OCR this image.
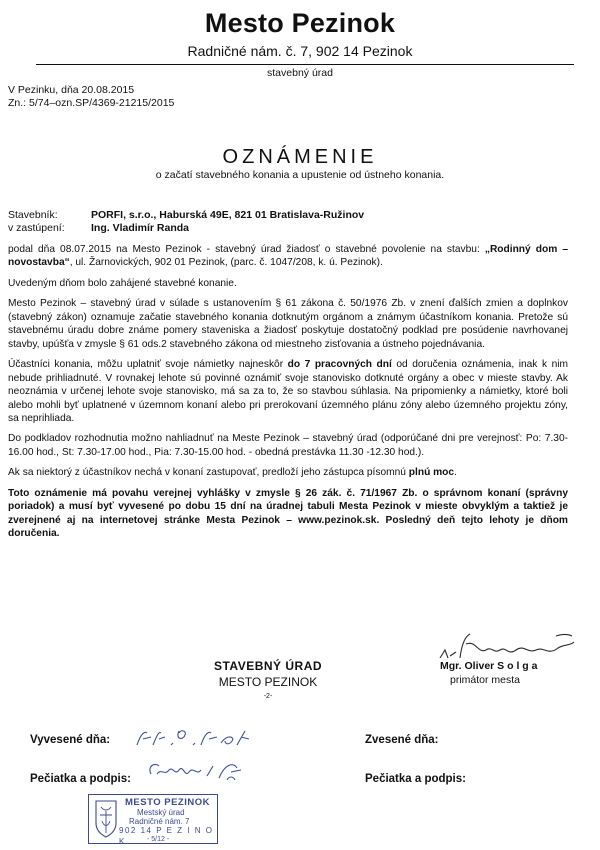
Mesto Pezinok
Radničné nám. č. 7, 902 14 Pezinok
stavebný úrad
V Pezinku, dňa 20.08.2015
Zn.: 5/74–ozn.SP/4369-21215/2015
OZNÁMENIE
o začatí stavebného konania a upustenie od ústneho konania.
Stavebník:	PORFI, s.r.o., Haburská 49E, 821 01 Bratislava-Ružinov
v zastúpení:	Ing. Vladimír Randa

podal dňa 08.07.2015 na Mesto Pezinok - stavebný úrad žiadosť o stavebné povolenie na stavbu: „Rodinný dom – novostavba“, ul. Žarnovických, 902 01 Pezinok, (parc. č. 1047/208, k. ú. Pezinok).

Uvedeným dňom bolo zahájené stavebné konanie.

Mesto Pezinok – stavebný úrad v súlade s ustanovením § 61 zákona č. 50/1976 Zb. v znení ďalších zmien a doplnkov (stavebný zákon) oznamuje začatie stavebného konania dotknutým orgánom a známym účastníkom konania. Pretože sú stavebnému úradu dobre známe pomery staveniska a žiadosť poskytuje dostatočný podklad pre posúdenie navrhovanej stavby, upúšťa v zmysle § 61 ods.2 stavebného zákona od miestneho zisťovania a ústneho pojednávania.

Účastníci konania, môžu uplatniť svoje námietky najneskôr do 7 pracovných dní od doručenia oznámenia, inak k nim nebude prihliadnuté. V rovnakej lehote sú povinné oznámiť svoje stanovisko dotknuté orgány a obec v mieste stavby. Ak neoznámia v určenej lehote svoje stanovisko, má sa za to, že so stavbou súhlasia. Na pripomienky a námietky, ktoré boli alebo mohli byť uplatnené v územnom konaní alebo pri prerokovaní územného plánu zóny alebo územného projektu zóny, sa neprihliada.

Do podkladov rozhodnutia možno nahliadnuť na Meste Pezinok – stavebný úrad (odporúčané dni pre verejnosť: Po: 7.30-16.00 hod., St: 7.30-17.00 hod., Pia: 7.30-15.00 hod. - obedná prestávka 11.30 -12.30 hod.).

Ak sa niektorý z účastníkov nechá v konaní zastupovať, predloží jeho zástupca písomnú plnú moc.

Toto oznámenie má povahu verejnej vyhlášky v zmysle § 26 zák. č. 71/1967 Zb. o správnom konaní (správny poriadok) a musí byť vyvesené po dobu 15 dní na úradnej tabuli Mesta Pezinok v mieste obvyklým a taktiež je zverejnené aj na internetovej stránke Mesta Pezinok – www.pezinok.sk. Posledný deň tejto lehoty je dňom doručenia.

STAVEBNÝ ÚRAD
MESTO PEZINOK
-2-
Mgr. Oliver S o l g a
primátor mesta
Vyvesené dňa:	Zvesené dňa:
Pečiatka a podpis:	Pečiatka a podpis:
MESTO PEZINOK
Mestský úrad
Radničné nám. 7
902 14 P E Z I N O K	- 5/12 -
